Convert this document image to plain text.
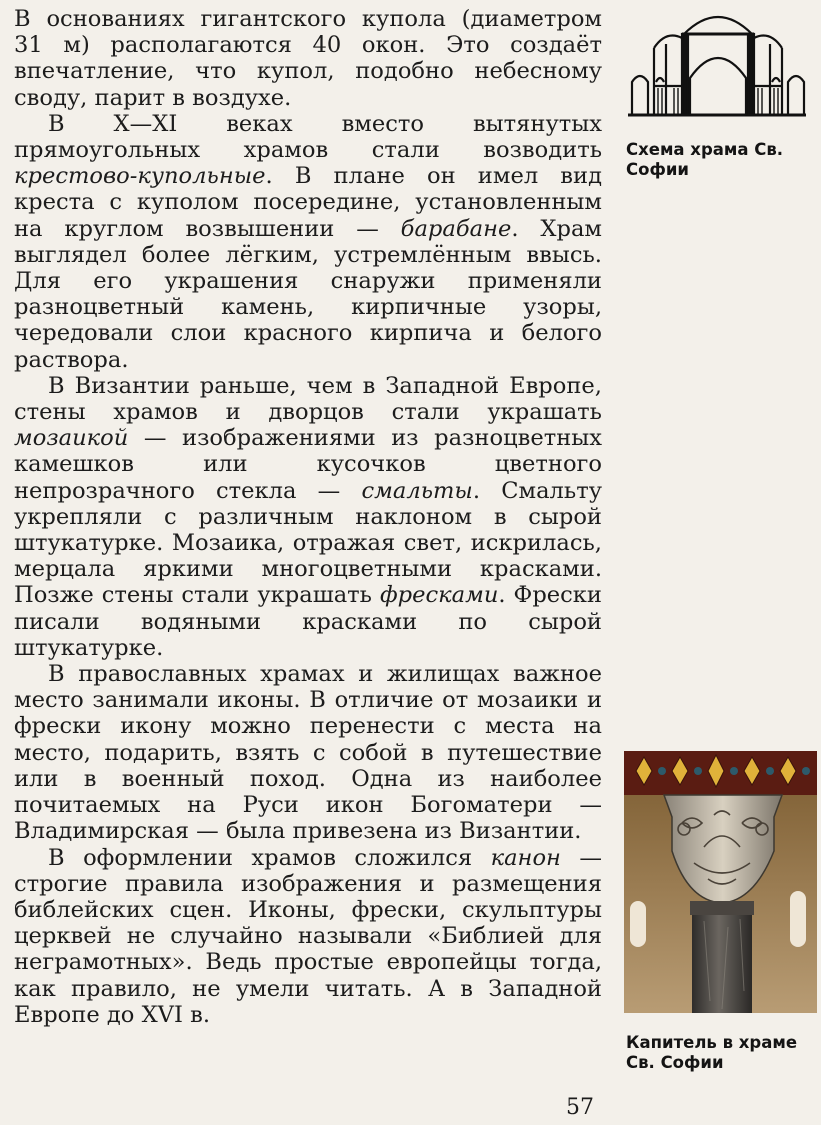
В основаниях гигантского купола (диаметром 31 м) располагаются 40 окон. Это создаёт впечатление, что купол, подобно небесному своду, парит в воздухе.

В X—XI веках вместо вытянутых прямоугольных храмов стали возводить крестово-купольные. В плане он имел вид креста с куполом посередине, установленным на круглом возвышении — барабане. Храм выглядел более лёгким, устремлённым ввысь. Для его украшения снаружи применяли разноцветный камень, кирпичные узоры, чередовали слои красного кирпича и белого раствора.

В Византии раньше, чем в Западной Европе, стены храмов и дворцов стали украшать мозаикой — изображениями из разноцветных камешков или кусочков цветного непрозрачного стекла — смальты. Смальту укрепляли с различным наклоном в сырой штукатурке. Мозаика, отражая свет, искрилась, мерцала яркими многоцветными красками. Позже стены стали украшать фресками. Фрески писали водяными красками по сырой штукатурке.

В православных храмах и жилищах важное место занимали иконы. В отличие от мозаики и фрески икону можно перенести с места на место, подарить, взять с собой в путешествие или в военный поход. Одна из наиболее почитаемых на Руси икон Богоматери — Владимирская — была привезена из Византии.

В оформлении храмов сложился канон — строгие правила изображения и размещения библейских сцен. Иконы, фрески, скульптуры церквей не случайно называли «Библией для неграмотных». Ведь простые европейцы тогда, как правило, не умели читать. А в Западной Европе до XVI в.

Схема храма Св. Софии
Капитель в храме Св. Софии
57
